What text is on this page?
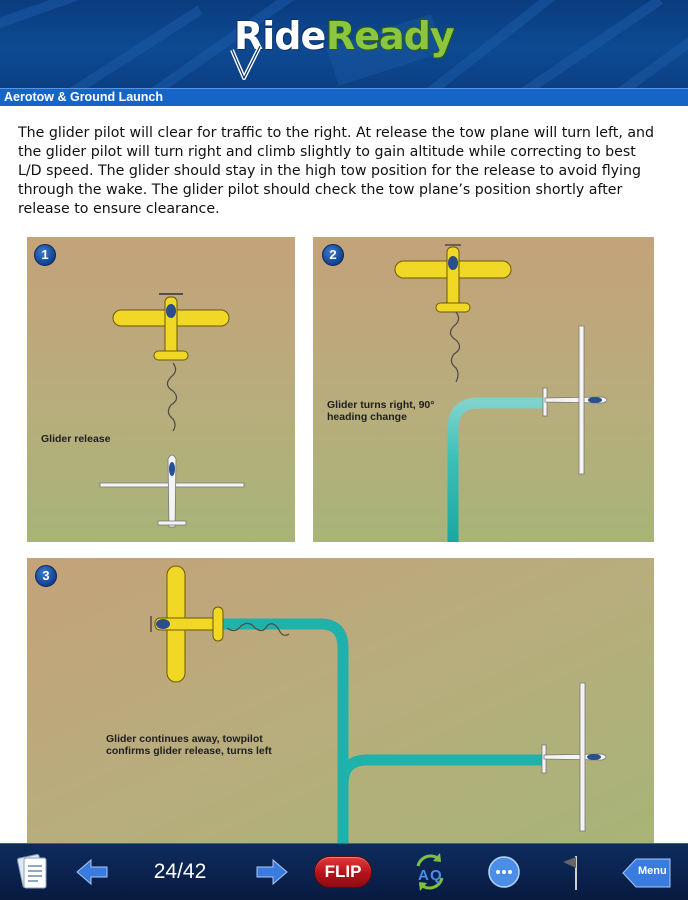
Ride Ready
Aerotow & Ground Launch

The glider pilot will clear for traffic to the right. At release the tow plane will turn left, and the glider pilot will turn right and climb slightly to gain altitude while correcting to best L/D speed. The glider should stay in the high tow position for the release to avoid flying through the wake. The glider pilot should check the tow plane’s position shortly after release to ensure clearance.

1
Glider release
2
Glider turns right, 90°
heading change
3
Glider continues away, towpilot
confirms glider release, turns left
24/42	FLIP	A Q	Menu
